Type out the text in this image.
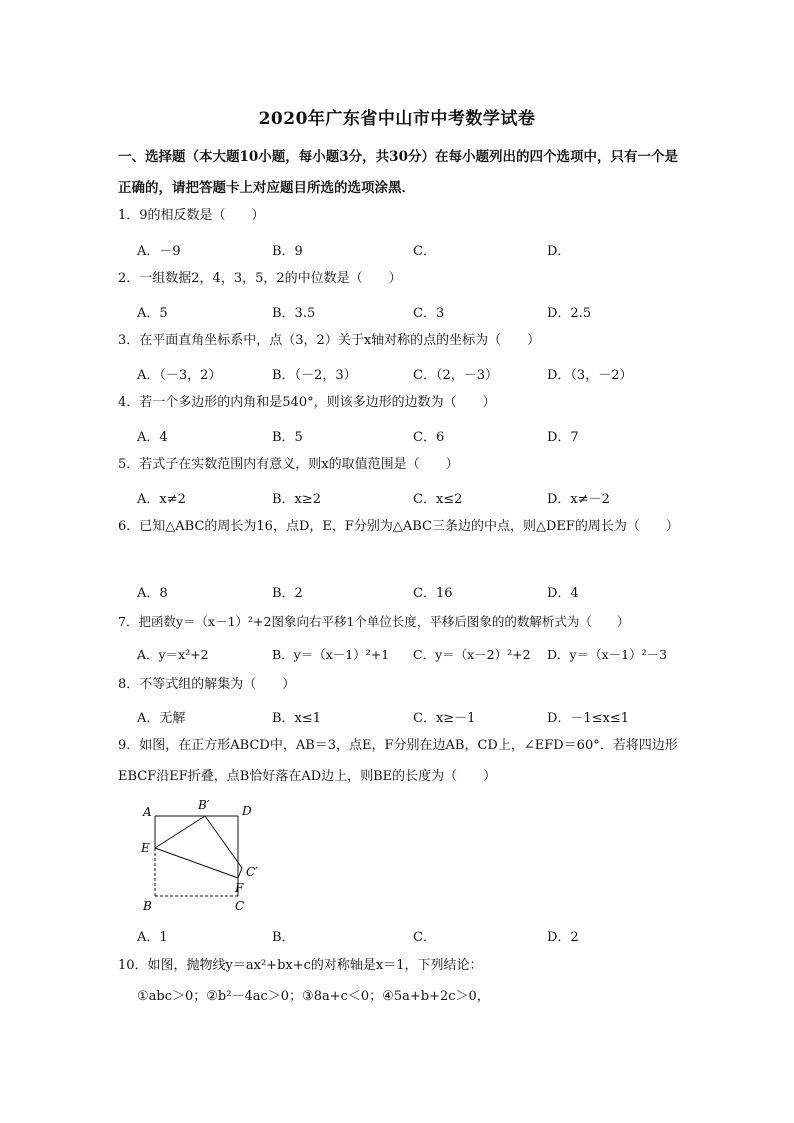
2020年广东省中山市中考数学试卷
一、选择题（本大题10小题，每小题3分，共30分）在每小题列出的四个选项中，只有一个是正确的，请把答题卡上对应题目所选的选项涂黑．
1．9的相反数是（　　）
A．－9	B．9	C．	D．
2．一组数据2，4，3，5，2的中位数是（　　）
A．5	B．3.5	C．3	D．2.5
3．在平面直角坐标系中，点（3，2）关于x轴对称的点的坐标为（　　）
A．（－3，2）	B．（－2，3）	C．（2，－3）	D．（3，－2）
4．若一个多边形的内角和是540°，则该多边形的边数为（　　）
A．4	B．5	C．6	D．7
5．若式子在实数范围内有意义，则x的取值范围是（　　）
A．x≠2	B．x≥2	C．x≤2	D．x≠－2
6．已知△ABC的周长为16，点D，E，F分别为△ABC三条边的中点，则△DEF的周长为（　　）
A．8	B．2	C．16	D．4
7．把函数y＝（x－1）²+2图象向右平移1个单位长度，平移后图象的的数解析式为（　　）
A．y＝x²+2	B．y＝（x－1）²+1 C．y＝（x－2）²+2 D．y＝（x－1）²－3
8．不等式组的解集为（　　）
A．无解	B．x≤1	C．x≥－1	D．－1≤x≤1
9．如图，在正方形ABCD中，AB＝3，点E，F分别在边AB，CD上，∠EFD＝60°．若将四边形EBCF沿EF折叠，点B恰好落在AD边上，则BE的长度为（　　）
A	B′	D
E
C′
F
B	C
A．1	B．	C．	D．2
10．如图，抛物线y＝ax²+bx+c的对称轴是x＝1，下列结论：
①abc＞0；②b²－4ac＞0；③8a+c＜0；④5a+b+2c＞0，
